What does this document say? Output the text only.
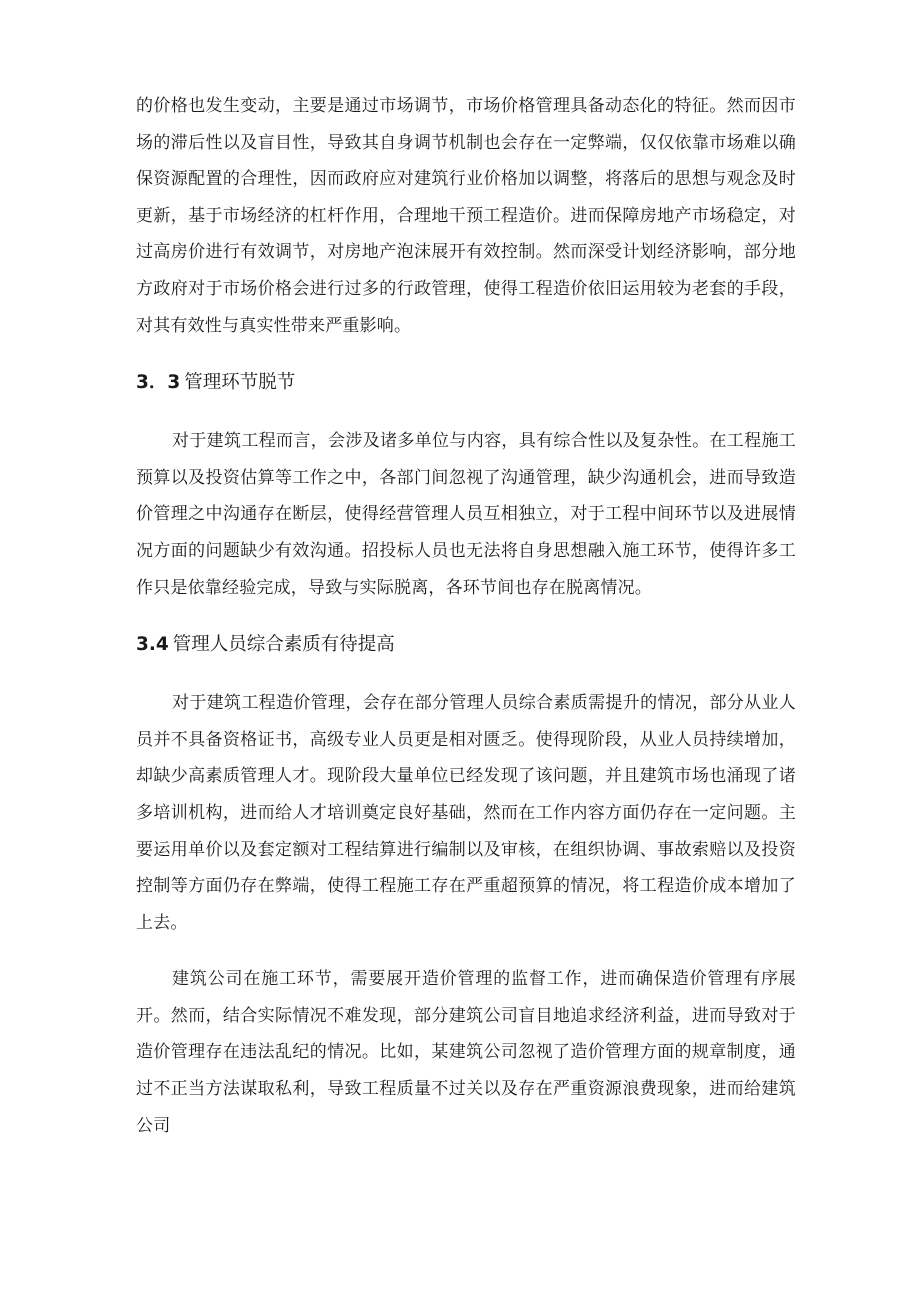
的价格也发生变动，主要是通过市场调节，市场价格管理具备动态化的特征。然而因市场的滞后性以及盲目性，导致其自身调节机制也会存在一定弊端，仅仅依靠市场难以确保资源配置的合理性，因而政府应对建筑行业价格加以调整，将落后的思想与观念及时更新，基于市场经济的杠杆作用，合理地干预工程造价。进而保障房地产市场稳定，对过高房价进行有效调节，对房地产泡沫展开有效控制。然而深受计划经济影响，部分地方政府对于市场价格会进行过多的行政管理，使得工程造价依旧运用较为老套的手段，对其有效性与真实性带来严重影响。

3．3 管理环节脱节

对于建筑工程而言，会涉及诸多单位与内容，具有综合性以及复杂性。在工程施工预算以及投资估算等工作之中，各部门间忽视了沟通管理，缺少沟通机会，进而导致造价管理之中沟通存在断层，使得经营管理人员互相独立，对于工程中间环节以及进展情况方面的问题缺少有效沟通。招投标人员也无法将自身思想融入施工环节，使得许多工作只是依靠经验完成，导致与实际脱离，各环节间也存在脱离情况。

3.4 管理人员综合素质有待提高

对于建筑工程造价管理，会存在部分管理人员综合素质需提升的情况，部分从业人员并不具备资格证书，高级专业人员更是相对匮乏。使得现阶段，从业人员持续增加，却缺少高素质管理人才。现阶段大量单位已经发现了该问题，并且建筑市场也涌现了诸多培训机构，进而给人才培训奠定良好基础，然而在工作内容方面仍存在一定问题。主要运用单价以及套定额对工程结算进行编制以及审核，在组织协调、事故索赔以及投资控制等方面仍存在弊端，使得工程施工存在严重超预算的情况，将工程造价成本增加了上去。

建筑公司在施工环节，需要展开造价管理的监督工作，进而确保造价管理有序展开。然而，结合实际情况不难发现，部分建筑公司盲目地追求经济利益，进而导致对于造价管理存在违法乱纪的情况。比如，某建筑公司忽视了造价管理方面的规章制度，通过不正当方法谋取私利，导致工程质量不过关以及存在严重资源浪费现象，进而给建筑公司
